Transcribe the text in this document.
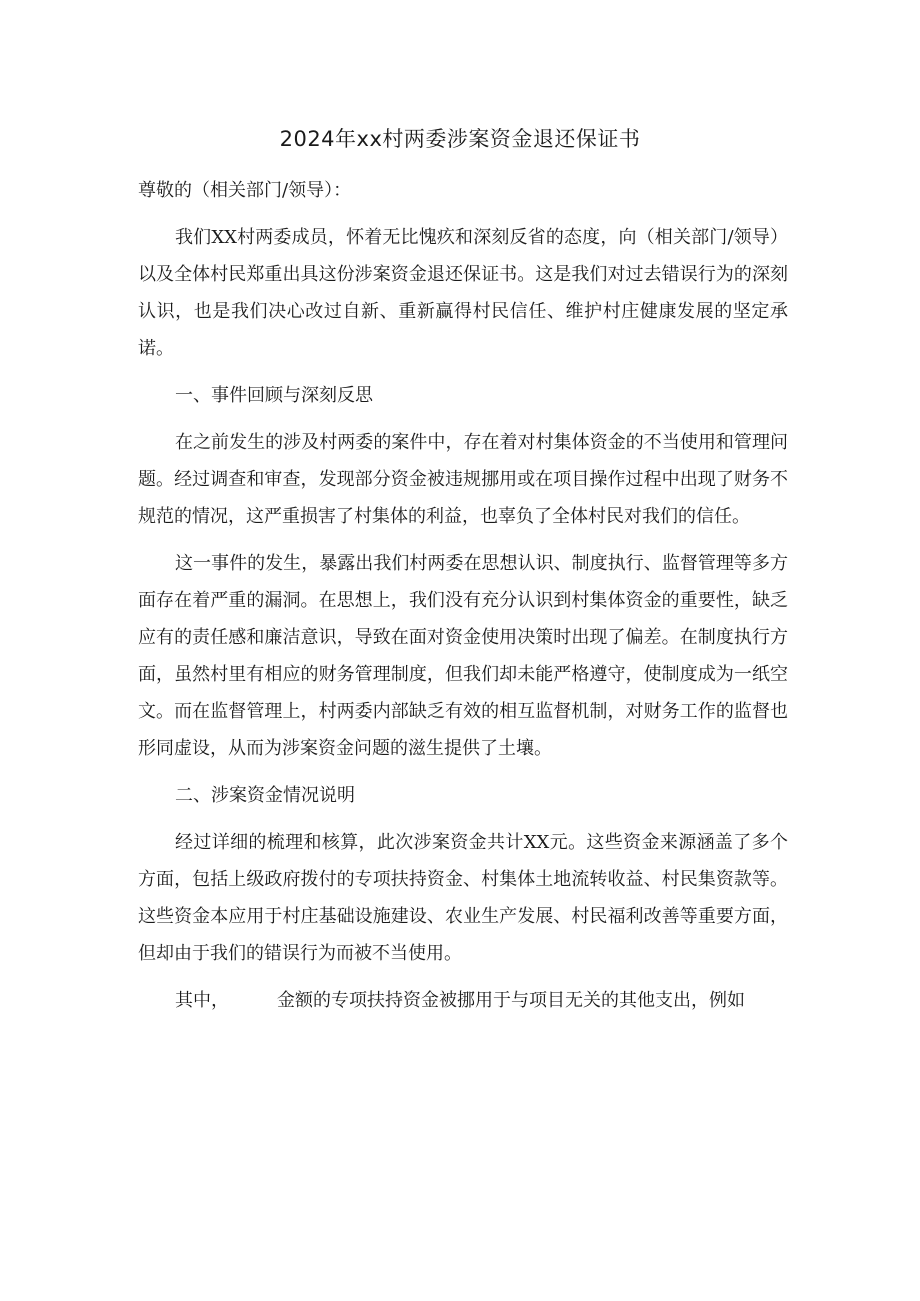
2024年xx村两委涉案资金退还保证书

尊敬的（相关部门/领导）：

我们XX村两委成员，怀着无比愧疚和深刻反省的态度，向（相关部门/领导）以及全体村民郑重出具这份涉案资金退还保证书。这是我们对过去错误行为的深刻认识，也是我们决心改过自新、重新赢得村民信任、维护村庄健康发展的坚定承诺。

一、事件回顾与深刻反思

在之前发生的涉及村两委的案件中，存在着对村集体资金的不当使用和管理问题。经过调查和审查，发现部分资金被违规挪用或在项目操作过程中出现了财务不规范的情况，这严重损害了村集体的利益，也辜负了全体村民对我们的信任。

这一事件的发生，暴露出我们村两委在思想认识、制度执行、监督管理等多方面存在着严重的漏洞。在思想上，我们没有充分认识到村集体资金的重要性，缺乏应有的责任感和廉洁意识，导致在面对资金使用决策时出现了偏差。在制度执行方面，虽然村里有相应的财务管理制度，但我们却未能严格遵守，使制度成为一纸空文。而在监督管理上，村两委内部缺乏有效的相互监督机制，对财务工作的监督也形同虚设，从而为涉案资金问题的滋生提供了土壤。

二、涉案资金情况说明

经过详细的梳理和核算，此次涉案资金共计XX元。这些资金来源涵盖了多个方面，包括上级政府拨付的专项扶持资金、村集体土地流转收益、村民集资款等。这些资金本应用于村庄基础设施建设、农业生产发展、村民福利改善等重要方面，但却由于我们的错误行为而被不当使用。

其中，	金额的专项扶持资金被挪用于与项目无关的其他支出，例如
